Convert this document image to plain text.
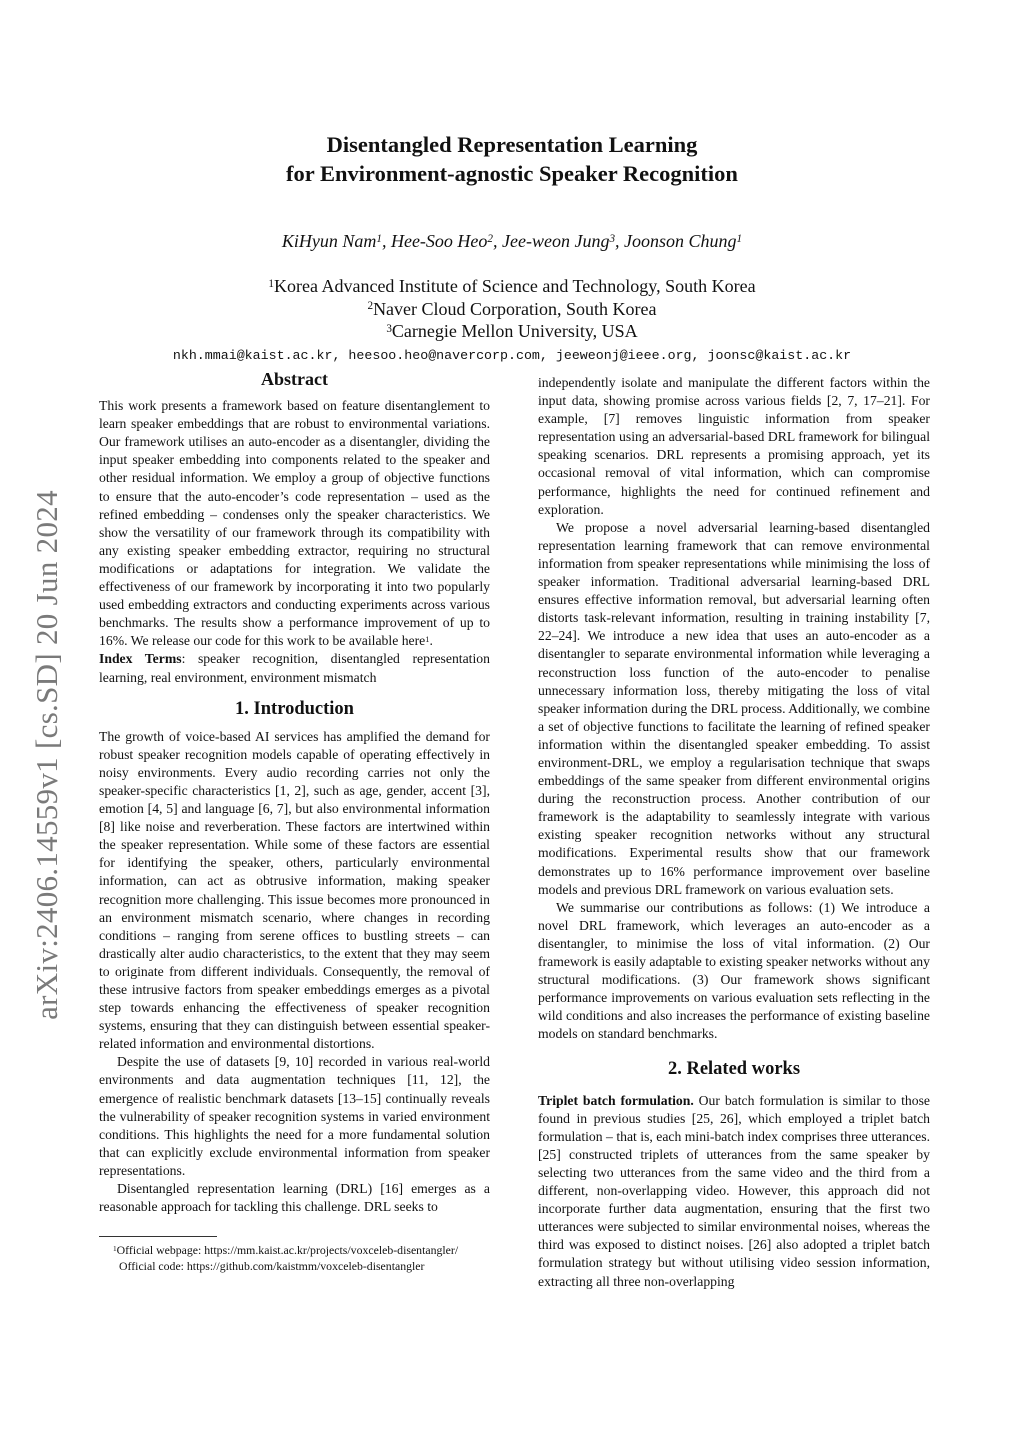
arXiv:2406.14559v1 [cs.SD] 20 Jun 2024
Disentangled Representation Learning
for Environment-agnostic Speaker Recognition
KiHyun Nam$^1$, Hee-Soo Heo$^2$, Jee-weon Jung$^3$, Joonson Chung$^1$
$^1$Korea Advanced Institute of Science and Technology, South Korea
$^2$Naver Cloud Corporation, South Korea
$^3$Carnegie Mellon University, USA
nkh.mmai@kaist.ac.kr, heesoo.heo@navercorp.com, jeeweonj@ieee.org, joonsc@kaist.ac.kr
Abstract

This work presents a framework based on feature disentanglement to learn speaker embeddings that are robust to environmental variations. Our framework utilises an auto-encoder as a disentangler, dividing the input speaker embedding into components related to the speaker and other residual information. We employ a group of objective functions to ensure that the auto-encoder’s code representation – used as the refined embedding – condenses only the speaker characteristics. We show the versatility of our framework through its compatibility with any existing speaker embedding extractor, requiring no structural modifications or adaptations for integration. We validate the effectiveness of our framework by incorporating it into two popularly used embedding extractors and conducting experiments across various benchmarks. The results show a performance improvement of up to 16%. We release our code for this work to be available here$^1$.
Index Terms: speaker recognition, disentangled representation learning, real environment, environment mismatch

1. Introduction

The growth of voice-based AI services has amplified the demand for robust speaker recognition models capable of operating effectively in noisy environments. Every audio recording carries not only the speaker-specific characteristics [1, 2], such as age, gender, accent [3], emotion [4, 5] and language [6, 7], but also environmental information [8] like noise and reverberation. These factors are intertwined within the speaker representation. While some of these factors are essential for identifying the speaker, others, particularly environmental information, can act as obtrusive information, making speaker recognition more challenging. This issue becomes more pronounced in an environment mismatch scenario, where changes in recording conditions – ranging from serene offices to bustling streets – can drastically alter audio characteristics, to the extent that they may seem to originate from different individuals. Consequently, the removal of these intrusive factors from speaker embeddings emerges as a pivotal step towards enhancing the effectiveness of speaker recognition systems, ensuring that they can distinguish between essential speaker-related information and environmental distortions.

Despite the use of datasets [9, 10] recorded in various real-world environments and data augmentation techniques [11, 12], the emergence of realistic benchmark datasets [13–15] continually reveals the vulnerability of speaker recognition systems in varied environment conditions. This highlights the need for a more fundamental solution that can explicitly exclude environmental information from speaker representations.

Disentangled representation learning (DRL) [16] emerges as a reasonable approach for tackling this challenge. DRL seeks to

independently isolate and manipulate the different factors within the input data, showing promise across various fields [2, 7, 17–21]. For example, [7] removes linguistic information from speaker representation using an adversarial-based DRL framework for bilingual speaking scenarios. DRL represents a promising approach, yet its occasional removal of vital information, which can compromise performance, highlights the need for continued refinement and exploration.

We propose a novel adversarial learning-based disentangled representation learning framework that can remove environmental information from speaker representations while minimising the loss of speaker information. Traditional adversarial learning-based DRL ensures effective information removal, but adversarial learning often distorts task-relevant information, resulting in training instability [7, 22–24]. We introduce a new idea that uses an auto-encoder as a disentangler to separate environmental information while leveraging a reconstruction loss function of the auto-encoder to penalise unnecessary information loss, thereby mitigating the loss of vital speaker information during the DRL process. Additionally, we combine a set of objective functions to facilitate the learning of refined speaker information within the disentangled speaker embedding. To assist environment-DRL, we employ a regularisation technique that swaps embeddings of the same speaker from different environmental origins during the reconstruction process. Another contribution of our framework is the adaptability to seamlessly integrate with various existing speaker recognition networks without any structural modifications. Experimental results show that our framework demonstrates up to 16% performance improvement over baseline models and previous DRL framework on various evaluation sets.

We summarise our contributions as follows: (1) We introduce a novel DRL framework, which leverages an auto-encoder as a disentangler, to minimise the loss of vital information. (2) Our framework is easily adaptable to existing speaker networks without any structural modifications. (3) Our framework shows significant performance improvements on various evaluation sets reflecting in the wild conditions and also increases the performance of existing baseline models on standard benchmarks.

2. Related works

Triplet batch formulation. Our batch formulation is similar to those found in previous studies [25, 26], which employed a triplet batch formulation – that is, each mini-batch index comprises three utterances. [25] constructed triplets of utterances from the same speaker by selecting two utterances from the same video and the third from a different, non-overlapping video. However, this approach did not incorporate further data augmentation, ensuring that the first two utterances were subjected to similar environmental noises, whereas the third was exposed to distinct noises. [26] also adopted a triplet batch formulation strategy but without utilising video session information, extracting all three non-overlapping

$^1$Official webpage: https://mm.kaist.ac.kr/projects/voxceleb-disentangler/

Official code: https://github.com/kaistmm/voxceleb-disentangler
